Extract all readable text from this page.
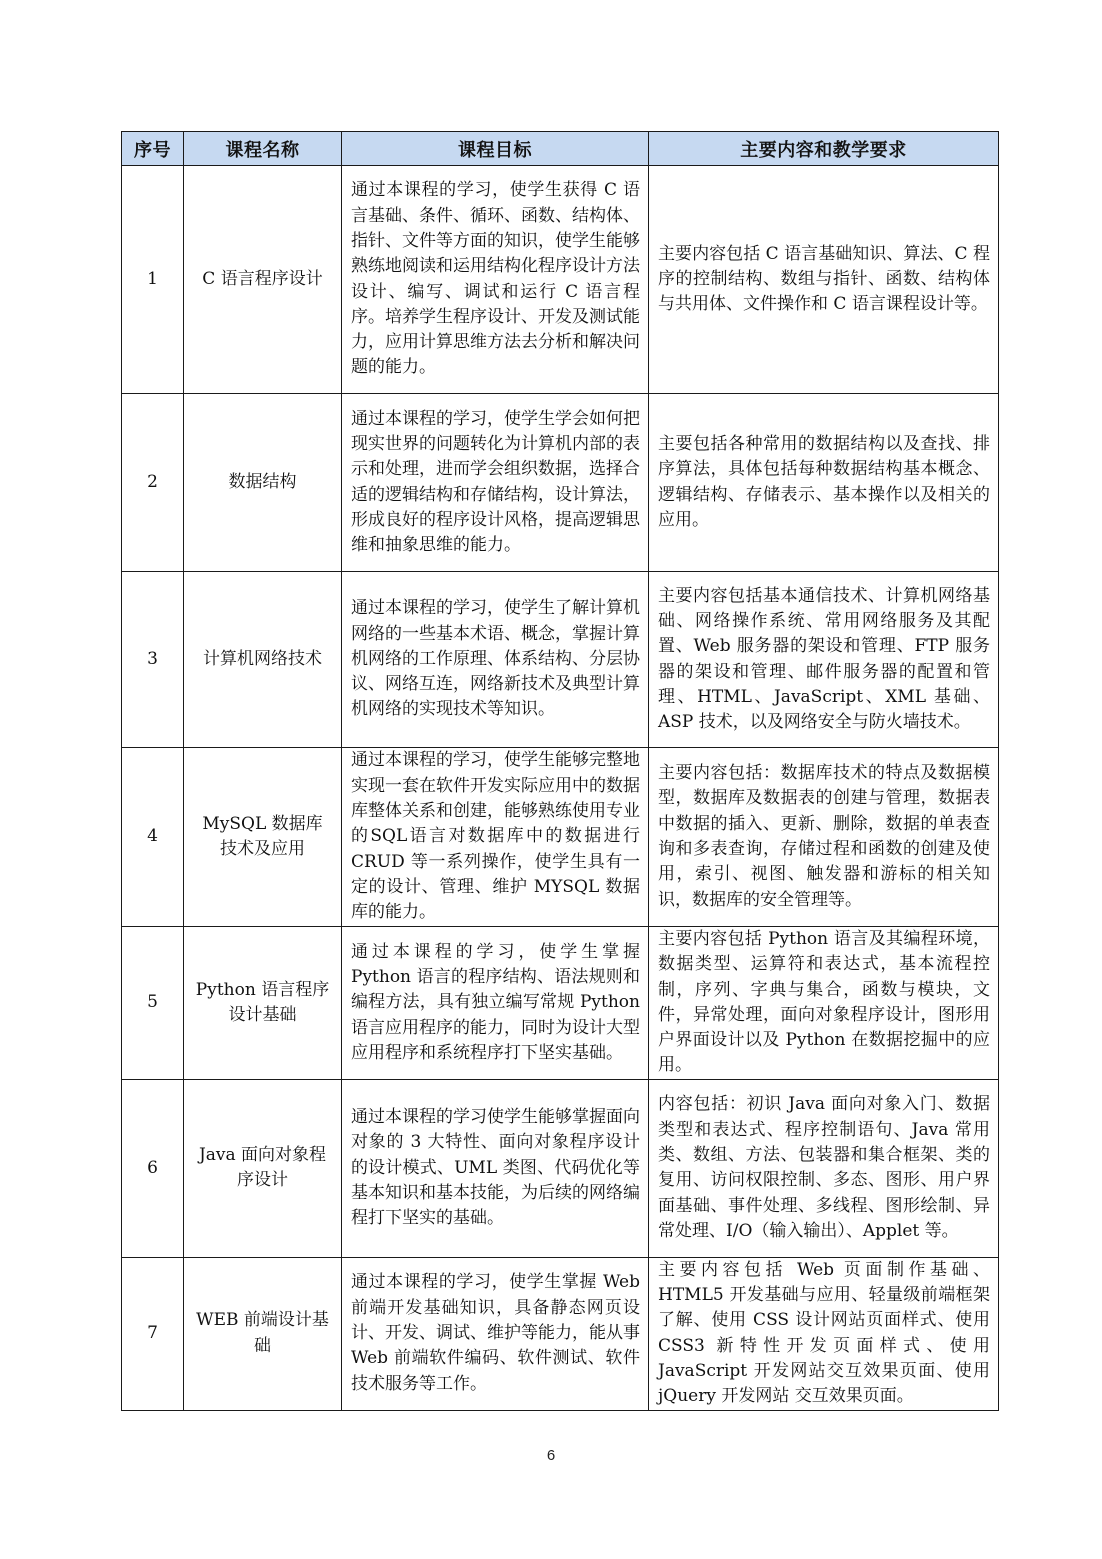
序号	课程名称	课程目标	主要内容和教学要求
1	C 语言程序设计	通过本课程的学习，使学生获得 C 语言基础、条件、循环、函数、结构体、指针、文件等方面的知识，使学生能够熟练地阅读和运用结构化程序设计方法设计、编写、调试和运行 C 语言程序。培养学生程序设计、开发及测试能力，应用计算思维方法去分析和解决问题的能力。	主要内容包括 C 语言基础知识、算法、C 程序的控制结构、数组与指针、函数、结构体与共用体、文件操作和 C 语言课程设计等。

2	数据结构	通过本课程的学习，使学生学会如何把现实世界的问题转化为计算机内部的表示和处理，进而学会组织数据，选择合适的逻辑结构和存储结构，设计算法，形成良好的程序设计风格，提高逻辑思维和抽象思维的能力。	主要包括各种常用的数据结构以及查找、排序算法，具体包括每种数据结构基本概念、逻辑结构、存储表示、基本操作以及相关的应用。

3	计算机网络技术	通过本课程的学习，使学生了解计算机网络的一些基本术语、概念，掌握计算机网络的工作原理、体系结构、分层协议、网络互连，网络新技术及典型计算机网络的实现技术等知识。	主要内容包括基本通信技术、计算机网络基础、网络操作系统、常用网络服务及其配置、Web 服务器的架设和管理、FTP 服务器的架设和管理、邮件服务器的配置和管理、HTML、JavaScript、XML 基础、ASP 技术，以及网络安全与防火墙技术。

4	MySQL 数据库技术及应用	通过本课程的学习，使学生能够完整地实现一套在软件开发实际应用中的数据库整体关系和创建，能够熟练使用专业的SQL语言对数据库中的数据进行 CRUD 等一系列操作，使学生具有一定的设计、管理、维护 MYSQL 数据库的能力。	主要内容包括：数据库技术的特点及数据模型，数据库及数据表的创建与管理，数据表中数据的插入、更新、删除，数据的单表查询和多表查询，存储过程和函数的创建及使用，索引、视图、触发器和游标的相关知识，数据库的安全管理等。

5	Python 语言程序设计基础	通过本课程的学习，使学生掌握 Python 语言的程序结构、语法规则和编程方法，具有独立编写常规 Python 语言应用程序的能力，同时为设计大型应用程序和系统程序打下坚实基础。	主要内容包括 Python 语言及其编程环境，数据类型、运算符和表达式，基本流程控制，序列、字典与集合，函数与模块，文件，异常处理，面向对象程序设计，图形用户界面设计以及 Python 在数据挖掘中的应用。

6	Java 面向对象程序设计	通过本课程的学习使学生能够掌握面向对象的 3 大特性、面向对象程序设计的设计模式、UML 类图、代码优化等基本知识和基本技能，为后续的网络编程打下坚实的基础。	内容包括：初识 Java 面向对象入门、数据类型和表达式、程序控制语句、Java 常用类、数组、方法、包装器和集合框架、类的复用、访问权限控制、多态、图形、用户界面基础、事件处理、多线程、图形绘制、异常处理、I/O（输入输出）、Applet 等。

7	WEB 前端设计基础	通过本课程的学习，使学生掌握 Web 前端开发基础知识，具备静态网页设计、开发、调试、维护等能力，能从事 Web 前端软件编码、软件测试、软件技术服务等工作。	主要内容包括 Web 页面制作基础、HTML5 开发基础与应用、轻量级前端框架了解、使用 CSS 设计网站页面样式、使用 CSS3 新特性开发页面样式、使用 JavaScript 开发网站交互效果页面、使用 jQuery 开发网站 交互效果页面。
6
